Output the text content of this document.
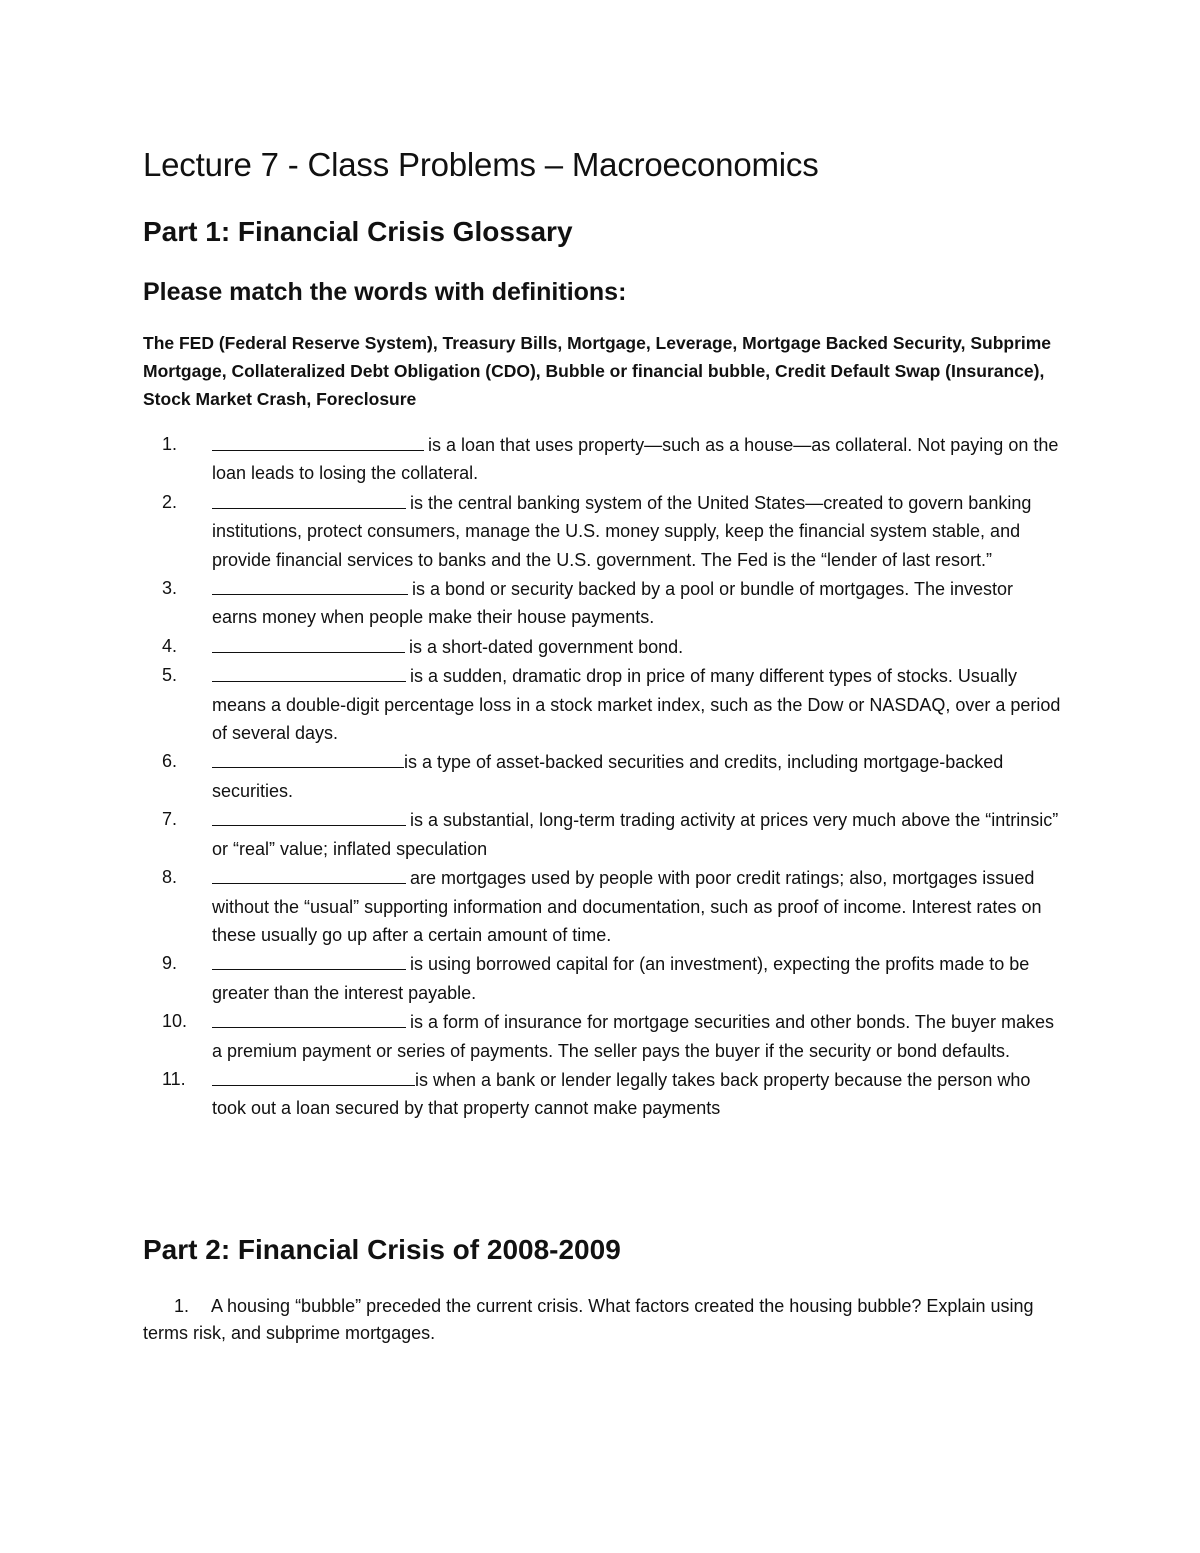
Lecture 7 - Class Problems – Macroeconomics
Part 1: Financial Crisis Glossary
Please match the words with definitions:

The FED (Federal Reserve System), Treasury Bills, Mortgage, Leverage, Mortgage Backed Security, Subprime Mortgage, Collateralized Debt Obligation (CDO), Bubble or financial bubble, Credit Default Swap (Insurance), Stock Market Crash, Foreclosure

1.	is a loan that uses property—such as a house—as collateral. Not paying on the loan leads to losing the collateral.
2.	is the central banking system of the United States—created to govern banking institutions, protect consumers, manage the U.S. money supply, keep the financial system stable, and provide financial services to banks and the U.S. government. The Fed is the “lender of last resort.”
3.	is a bond or security backed by a pool or bundle of mortgages. The investor earns money when people make their house payments.
4.	is a short-dated government bond.
5.	is a sudden, dramatic drop in price of many different types of stocks. Usually means a double-digit percentage loss in a stock market index, such as the Dow or NASDAQ, over a period of several days.
6.	is a type of asset-backed securities and credits, including mortgage-backed securities.
7.	is a substantial, long-term trading activity at prices very much above the “intrinsic” or “real” value; inflated speculation
8.	are mortgages used by people with poor credit ratings; also, mortgages issued without the “usual” supporting information and documentation, such as proof of income. Interest rates on these usually go up after a certain amount of time.
9.	is using borrowed capital for (an investment), expecting the profits made to be greater than the interest payable.
10.	is a form of insurance for mortgage securities and other bonds. The buyer makes a premium payment or series of payments. The seller pays the buyer if the security or bond defaults.
11.	is when a bank or lender legally takes back property because the person who took out a loan secured by that property cannot make payments
Part 2: Financial Crisis of 2008-2009
1. A housing “bubble” preceded the current crisis. What factors created the housing bubble? Explain using terms risk, and subprime mortgages.
